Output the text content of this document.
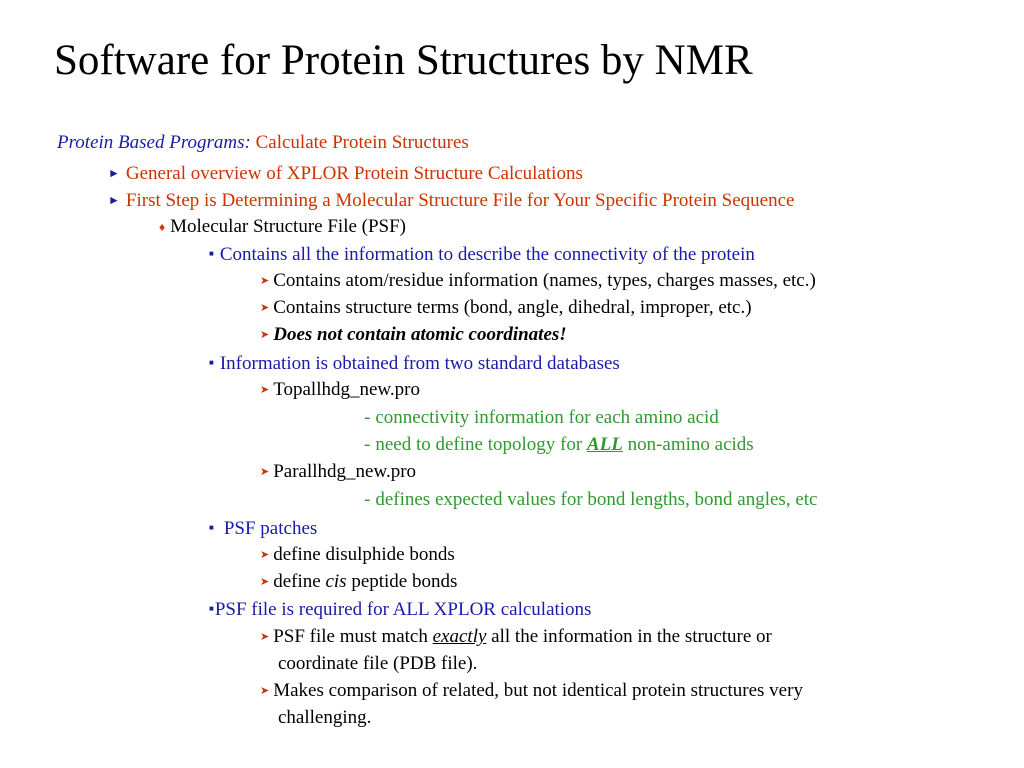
Software for Protein Structures by NMR
Protein Based Programs: Calculate Protein Structures
► General overview of XPLOR Protein Structure Calculations
► First Step is Determining a Molecular Structure File for Your Specific Protein Sequence
♦ Molecular Structure File (PSF)
■ Contains all the information to describe the connectivity of the protein
➤ Contains atom/residue information (names, types, charges masses, etc.)
➤ Contains structure terms (bond, angle, dihedral, improper, etc.)
➤ Does not contain atomic coordinates!
■ Information is obtained from two standard databases
➤ Topallhdg_new.pro
- connectivity information for each amino acid
- need to define topology for ALL non-amino acids
➤ Parallhdg_new.pro
- defines expected values for bond lengths, bond angles, etc
■ PSF patches
➤ define disulphide bonds
➤ define cis peptide bonds
■PSF file is required for ALL XPLOR calculations
➤ PSF file must match exactly all the information in the structure or
coordinate file (PDB file).
➤ Makes comparison of related, but not identical protein structures very
challenging.
